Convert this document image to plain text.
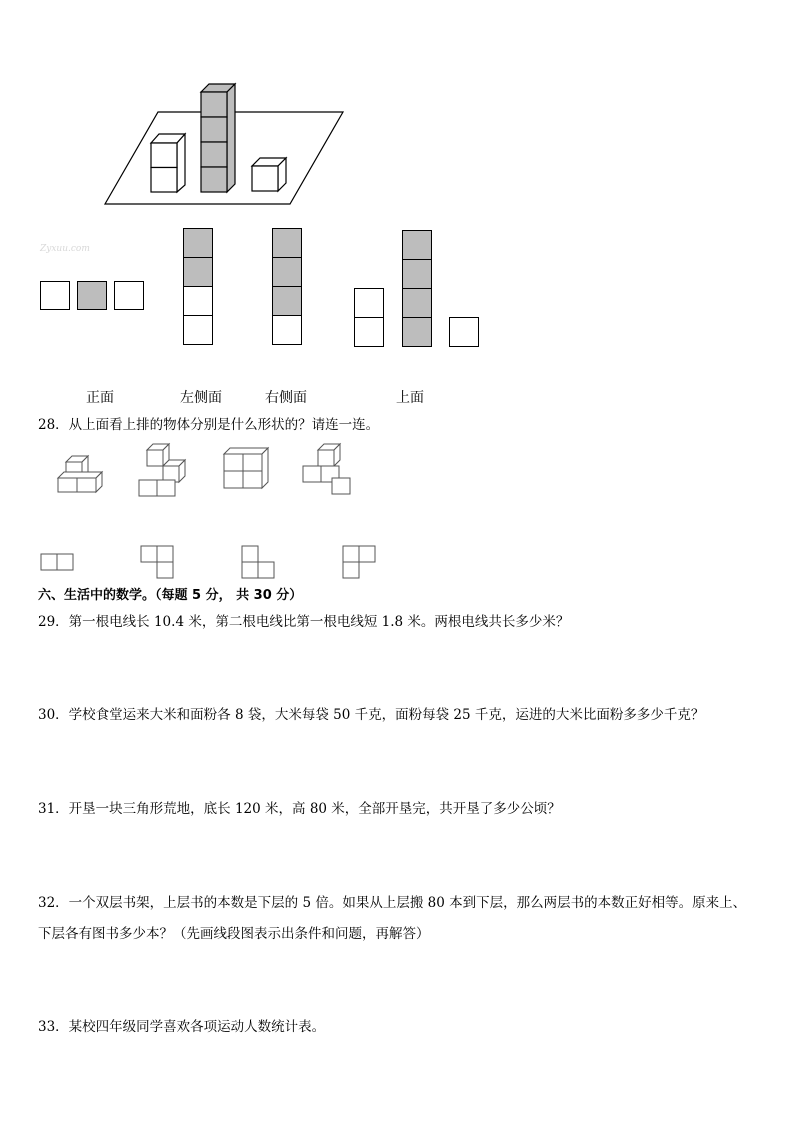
Zyxuu.com
正面	左侧面	右侧面	上面
28．从上面看上排的物体分别是什么形状的？请连一连。
六、生活中的数学。（每题 5 分， 共 30 分）
29．第一根电线长 10.4 米，第二根电线比第一根电线短 1.8 米。两根电线共长多少米？
30．学校食堂运来大米和面粉各 8 袋，大米每袋 50 千克，面粉每袋 25 千克，运进的大米比面粉多多少千克？
31．开垦一块三角形荒地，底长 120 米，高 80 米，全部开垦完，共开垦了多少公顷？
32．一个双层书架，上层书的本数是下层的 5 倍。如果从上层搬 80 本到下层，那么两层书的本数正好相等。原来上、
下层各有图书多少本？（先画线段图表示出条件和问题，再解答）
33．某校四年级同学喜欢各项运动人数统计表。
